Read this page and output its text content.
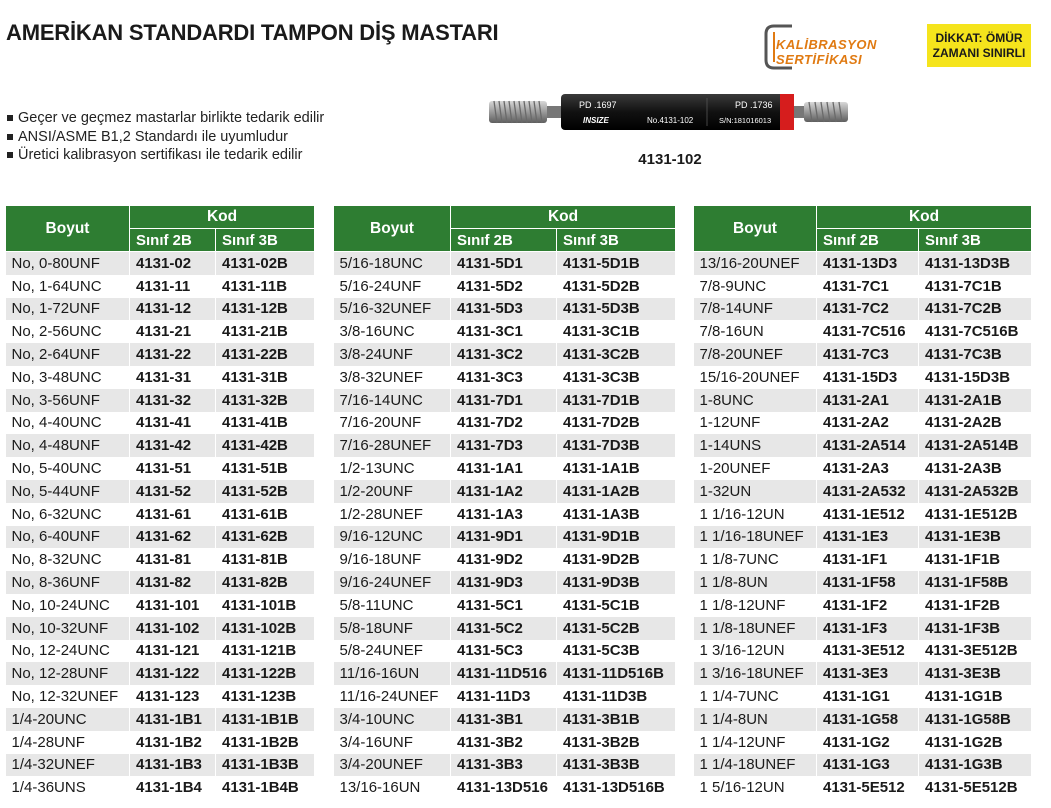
AMERİKAN STANDARDI TAMPON DİŞ MASTARI
Geçer ve geçmez mastarlar birlikte tedarik edilir
ANSI/ASME B1,2 Standardı ile uyumludur
Üretici kalibrasyon sertifikası ile tedarik edilir
KALİBRASYON
SERTİFİKASI
DİKKAT: ÖMÜR
ZAMANI SINIRLI
PD .1697	PD .1736
INSIZE	No.4131-102	S/N:181016013
4131-102
Boyut	Kod	
	Sınıf 2B	Sınıf 3B
No, 0-80UNF	4131-02	4131-02B
No, 1-64UNC	4131-11	4131-11B
No, 1-72UNF	4131-12	4131-12B
No, 2-56UNC	4131-21	4131-21B
No, 2-64UNF	4131-22	4131-22B
No, 3-48UNC	4131-31	4131-31B
No, 3-56UNF	4131-32	4131-32B
No, 4-40UNC	4131-41	4131-41B
No, 4-48UNF	4131-42	4131-42B
No, 5-40UNC	4131-51	4131-51B
No, 5-44UNF	4131-52	4131-52B
No, 6-32UNC	4131-61	4131-61B
No, 6-40UNF	4131-62	4131-62B
No, 8-32UNC	4131-81	4131-81B
No, 8-36UNF	4131-82	4131-82B
No, 10-24UNC	4131-101	4131-101B
No, 10-32UNF	4131-102	4131-102B
No, 12-24UNC	4131-121	4131-121B
No, 12-28UNF	4131-122	4131-122B
No, 12-32UNEF	4131-123	4131-123B
1/4-20UNC	4131-1B1	4131-1B1B
1/4-28UNF	4131-1B2	4131-1B2B
1/4-32UNEF	4131-1B3	4131-1B3B
1/4-36UNS	4131-1B4	4131-1B4B
Boyut	Kod	
	Sınıf 2B	Sınıf 3B
5/16-18UNC	4131-5D1	4131-5D1B
5/16-24UNF	4131-5D2	4131-5D2B
5/16-32UNEF	4131-5D3	4131-5D3B
3/8-16UNC	4131-3C1	4131-3C1B
3/8-24UNF	4131-3C2	4131-3C2B
3/8-32UNEF	4131-3C3	4131-3C3B
7/16-14UNC	4131-7D1	4131-7D1B
7/16-20UNF	4131-7D2	4131-7D2B
7/16-28UNEF	4131-7D3	4131-7D3B
1/2-13UNC	4131-1A1	4131-1A1B
1/2-20UNF	4131-1A2	4131-1A2B
1/2-28UNEF	4131-1A3	4131-1A3B
9/16-12UNC	4131-9D1	4131-9D1B
9/16-18UNF	4131-9D2	4131-9D2B
9/16-24UNEF	4131-9D3	4131-9D3B
5/8-11UNC	4131-5C1	4131-5C1B
5/8-18UNF	4131-5C2	4131-5C2B
5/8-24UNEF	4131-5C3	4131-5C3B
11/16-16UN	4131-11D516	4131-11D516B
11/16-24UNEF	4131-11D3	4131-11D3B
3/4-10UNC	4131-3B1	4131-3B1B
3/4-16UNF	4131-3B2	4131-3B2B
3/4-20UNEF	4131-3B3	4131-3B3B
13/16-16UN	4131-13D516	4131-13D516B
Boyut	Kod	
	Sınıf 2B	Sınıf 3B
13/16-20UNEF	4131-13D3	4131-13D3B
7/8-9UNC	4131-7C1	4131-7C1B
7/8-14UNF	4131-7C2	4131-7C2B
7/8-16UN	4131-7C516	4131-7C516B
7/8-20UNEF	4131-7C3	4131-7C3B
15/16-20UNEF	4131-15D3	4131-15D3B
1-8UNC	4131-2A1	4131-2A1B
1-12UNF	4131-2A2	4131-2A2B
1-14UNS	4131-2A514	4131-2A514B
1-20UNEF	4131-2A3	4131-2A3B
1-32UN	4131-2A532	4131-2A532B
1 1/16-12UN	4131-1E512	4131-1E512B
1 1/16-18UNEF	4131-1E3	4131-1E3B
1 1/8-7UNC	4131-1F1	4131-1F1B
1 1/8-8UN	4131-1F58	4131-1F58B
1 1/8-12UNF	4131-1F2	4131-1F2B
1 1/8-18UNEF	4131-1F3	4131-1F3B
1 3/16-12UN	4131-3E512	4131-3E512B
1 3/16-18UNEF	4131-3E3	4131-3E3B
1 1/4-7UNC	4131-1G1	4131-1G1B
1 1/4-8UN	4131-1G58	4131-1G58B
1 1/4-12UNF	4131-1G2	4131-1G2B
1 1/4-18UNEF	4131-1G3	4131-1G3B
1 5/16-12UN	4131-5E512	4131-5E512B
